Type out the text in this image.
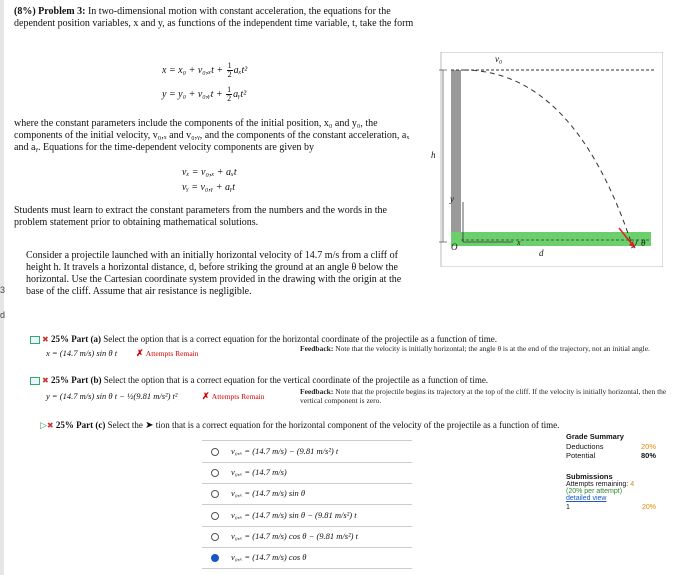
3
d

(8%) Problem 3: In two-dimensional motion with constant acceleration, the equations for the dependent position variables, x and y, as functions of the independent time variable, t, take the form

$x = x_0 + v_0,_xt + \frac{1}{2} a_xt^2$
y = y₀ + v₀,ᵧt + $\frac{1}{2}$ aᵧt²

where the constant parameters include the components of the initial position, x₀ and y₀, the components of the initial velocity, v₀,ₓ and v₀,ᵧ, and the components of the constant acceleration, aₓ and aᵧ. Equations for the time-dependent velocity components are given by

vₓ = v₀,ₓ + aₓt
vᵧ = v₀,ᵧ + aᵧt

Students must learn to extract the constant parameters from the numbers and the words in the problem statement prior to obtaining mathematical solutions.

Consider a projectile launched with an initially horizontal velocity of 14.7 m/s from a cliff of height h. It travels a horizontal distance, d, before striking the ground at an angle θ below the horizontal. Use the Cartesian coordinate system provided in the drawing with the origin at the base of the cliff. Assume that air resistance is negligible.

v₀
h
y
x
O
d
θ
✖ 25% Part (a) Select the option that is a correct equation for the horizontal coordinate of the projectile as a function of time.
x = (14.7 m/s) sin θ t ✗ Attempts Remain
Feedback: Note that the velocity is initially horizontal; the angle θ is at the end of the trajectory, not an initial angle.
✖ 25% Part (b) Select the option that is a correct equation for the vertical coordinate of the projectile as a function of time.
y = (14.7 m/s) sin θ t − ½(9.81 m/s²) t²	✗ Attempts Remain
Feedback: Note that the projectile begins its trajectory at the top of the cliff. If the velocity is initially horizontal, then the vertical component is zero.
▷✖ 25% Part (c) Select the ➤ tion that is a correct equation for the horizontal component of the velocity of the projectile as a function of time.
v₀,ₓ = (14.7 m/s) − (9.81 m/s²) t
v₀,ₓ = (14.7 m/s)
v₀,ₓ = (14.7 m/s) sin θ
v₀,ₓ = (14.7 m/s) sin θ − (9.81 m/s²) t
v₀,ₓ = (14.7 m/s) cos θ − (9.81 m/s²) t
v₀,ₓ = (14.7 m/s) cos θ
Grade Summary
Deductions	20%
Potential	80%
Submissions
Attempts remaining: 4
(20% per attempt)
detailed view
1	20%
